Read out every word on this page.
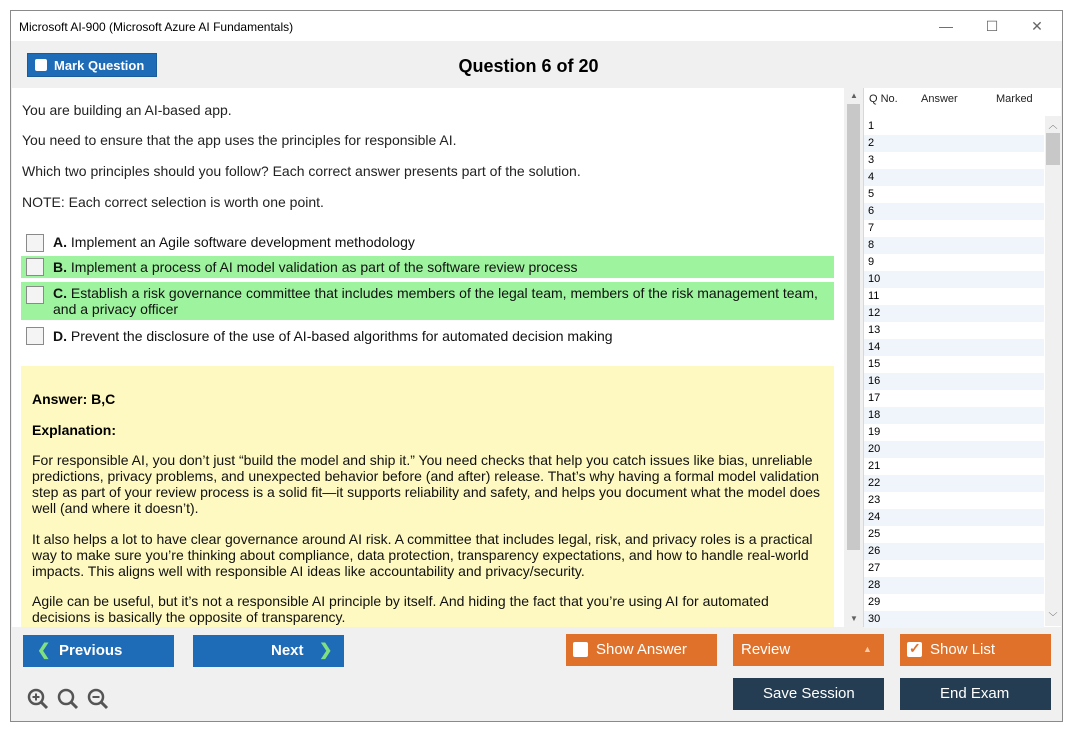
Microsoft AI-900 (Microsoft Azure AI Fundamentals)	—	☐	✕
Mark Question	Question 6 of 20

You are building an AI-based app.

You need to ensure that the app uses the principles for responsible AI.

Which two principles should you follow? Each correct answer presents part of the solution.

NOTE: Each correct selection is worth one point.

A. Implement an Agile software development methodology
B. Implement a process of AI model validation as part of the software review process
C. Establish a risk governance committee that includes members of the legal team, members of the risk management team, and a privacy officer
D. Prevent the disclosure of the use of AI-based algorithms for automated decision making
Answer: B,C
Explanation:
For responsible AI, you don’t just “build the model and ship it.” You need checks that help you catch issues like bias, unreliable predictions, privacy problems, and unexpected behavior before (and after) release. That’s why having a formal model validation step as part of your review process is a solid fit—it supports reliability and safety, and helps you document what the model does well (and where it doesn’t).
It also helps a lot to have clear governance around AI risk. A committee that includes legal, risk, and privacy roles is a practical way to make sure you’re thinking about compliance, data protection, transparency expectations, and how to handle real-world impacts. This aligns well with responsible AI ideas like accountability and privacy/security.
Agile can be useful, but it’s not a responsible AI principle by itself. And hiding the fact that you’re using AI for automated decisions is basically the opposite of transparency.
▲
▼
Q No. Answer	Marked
1
2
3
4
5
6
7
8
9
10
11
12
13
14
15
16
17
18
19
20
21
22
23
24
25
26
27
28
29
30
︿
﹀
❮ Previous	Next ❯	Show Answer	Review	▲
✓	Show List
Save Session	End Exam
